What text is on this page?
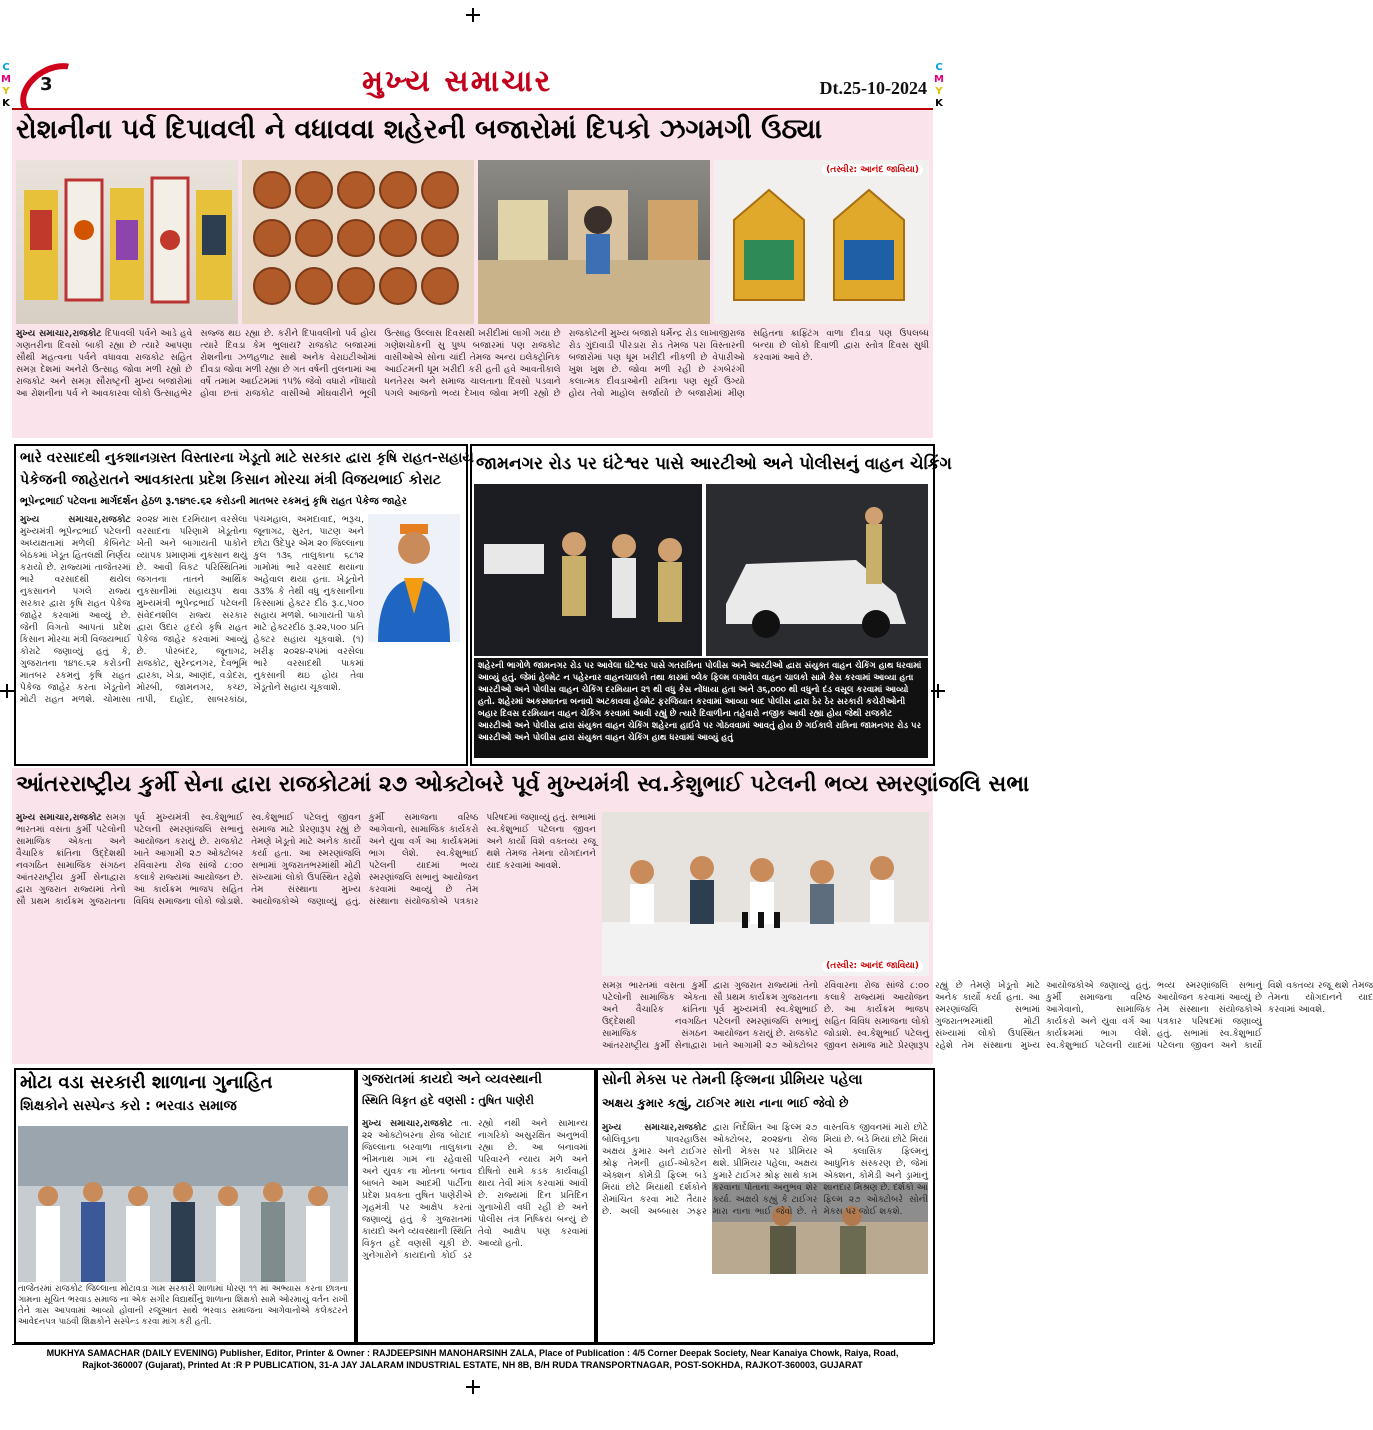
C
M
Y
K
C
M
Y
K
3	મુખ્ય સમાચાર	Dt.25-10-2024
રોશનીના પર્વ દિપાવલી ને વધાવવા શહેરની બજારોમાં દિપકો ઝગમગી ઉઠ્યા
(તસ્વીર: આનંદ જાવિયા)
મુખ્ય સમાચાર,રાજકોટ દિપાવલી પર્વને આડે હવે ગણતરીના દિવસો બાકી રહ્યા છે ત્યારે આપણા સૌથી મહત્વના પર્વને વધાવવા રાજકોટ સહિત સમગ્ર દેશમાં અનેરો ઉત્સાહ જોવા મળી રહ્યો છે રાજકોટ અને સમગ્ર સૌરાષ્ટ્રની મુખ્ય બજારોમાં આ રોશનીના પર્વ ને આવકારવા લોકો ઉત્સાહભેર સજ્જ થઇ રહ્યા છે. કરીને દિપાવલીનો પર્વ હોય ત્યારે દિવડા કેમ ભુલાય? રાજકોટ બજારમાં રોશનીના ઝળહળાટ સાથે અનેક વેરાઇટીઓમાં દીવડા જોવા મળી રહ્યા છે ગત વર્ષની તુલનામાં આ વર્ષે તમામ આઈટમમાં ૧૫% જેવો વધારો નોંધાયો હોવા છતાં રાજકોટ વાસીઓ મોંઘવારીને ભૂલી ઉત્સાહ ઉલ્લાસ દિવસથી ખરીદીમાં લાગી ગયા છે ગણેશચોકની સુ પુષ્પ બજારમાં પણ રાજકોટ વાસીઓએ સોના ચાંદી તેમજ અન્ય ઇલેક્ટ્રોનિક આઈટમની ધૂમ ખરીદી કરી હતી હવે આવતીકાલે ધનતેરસ અને સમાજ ચાલતાના દિવસો પડવાને પગલે આજનો ભવ્ય દેખાવ જોવા મળી રહ્યો છે રાજકોટની મુખ્ય બજારો ધર્મેન્દ્ર રોડ લાખાજીરાજ રોડ ગુંદાવાડી પીરડારા રોડ તેમજ પરા વિસ્તારની બજારોમાં પણ ધૂમ ખરીદી નીકળી છે વેપારીઓ ખુશ ખુશ છે. જોવા મળી રહી છે રંગબેરંગી કલાત્મક દીવડાઓની રાત્રિના પણ સૂર્ય ઉગ્યો હોય તેવો માહોલ સર્જાયો છે બજારોમાં મીણ સહિતના ક્રાફ્ટિંગ વાળા દીવડા પણ ઉપલબ્ધ બન્યા છે લોકો દિવાળી દ્વારા સ્તોત્ર દિવસ સુધી કરવામાં આવે છે.
ભારે વરસાદથી નુકશાનગ્રસ્ત વિસ્તારના ખેડૂતો માટે સરકાર દ્વારા કૃષિ રાહત-સહાય
પેકેજની જાહેરાતને આવકારતા પ્રદેશ કિસાન મોરચા મંત્રી વિજયભાઈ કોરાટ
ભૂપેન્દ્રભાઈ પટેલના માર્ગદર્શન હેઠળ રૂ.૧૪૧૯.૬૨ કરોડની માતબર રકમનું કૃષિ રાહત પેકેજ જાહેર
મુખ્ય સમાચાર,રાજકોટ મુખ્યમંત્રી ભૂપેન્દ્રભાઈ પટેલની અધ્યક્ષતામાં મળેલી કેબિનેટ બેઠકમાં ખેડૂત હિતલક્ષી નિર્ણય કરાયો છે. રાજ્યમાં તાજેતરમાં ભારે વરસાદથી થયેલ નુકસાનને પગલે રાજ્ય સરકાર દ્વારા કૃષિ રાહત પેકેજ જાહેર કરવામાં આવ્યું છે. જેની વિગતો આપતાં પ્રદેશ કિસાન મોરચા મંત્રી વિજયભાઈ કોરાટે જણાવ્યું હતું કે, ગુજરાતના ૧૪૧૯.૬૨ કરોડની માતબર રકમનું કૃષિ રાહત પેકેજ જાહેર કરતા ખેડૂતોને મોટી રાહત મળશે. ચોમાસા ૨૦૨૪ માસ દરમિયાન વરસેલા વરસાદના પરિણામે ખેડૂતોના ખેતી અને બાગાયતી પાકોને વ્યાપક પ્રમાણમાં નુકસાન થયું છે. આવી વિકટ પરિસ્થિતિમાં જગતના તાતને આર્થિક નુકસાનીમાં સહાયરૂપ થવા મુખ્યમંત્રી ભૂપેન્દ્રભાઈ પટેલની સંવેદનશીલ રાજ્ય સરકાર દ્વારા ઉદાર હૃદયે કૃષિ રાહત પેકેજ જાહેર કરવામાં આવ્યું છે. પોરબંદર, જૂનાગઢ, રાજકોટ, સુરેન્દ્રનગર, દેવભૂમિ દ્વારકા, ખેડા, આણંદ, વડોદરા, મોરબી, જામનગર, કચ્છ, તાપી, દાહોદ, સાબરકાંઠા, પંચમહાલ, અમદાવાદ, ભરૂચ, જૂનાગઢ, સુરત, પાટણ અને છોટા ઉદેપુર એમ ૨૦ જિલ્લાના કુલ ૧૩૬ તાલુકાના ૬૮૧૨ ગામોમાં ભારે વરસાદ થયાના અહેવાલ થયા હતા. ખેડૂતોને ૩૩% કે તેથી વધુ નુકસાનીના કિસ્સામાં હેક્ટર દીઠ રૂ.૮,૫૦૦ સહાય મળશે. બાગાયતી પાકો માટે હેક્ટરદીઠ રૂ.૨૨,૫૦૦ પ્રતિ હેક્ટર સહાય ચૂકવાશે. (૧) ખરીફ ૨૦૨૪-૨૫માં વરસેલા ભારે વરસાદથી પાકમાં નુકસાની થઇ હોય તેવા ખેડૂતોને સહાય ચૂકવાશે.
જામનગર રોડ પર ઘંટેશ્વર પાસે આરટીઓ અને પોલીસનું વાહન ચેકિંગ
શહેરની ભાગોળે જામનગર રોડ પર આવેલા ઘંટેશ્વર પાસે ગતરાત્રિના પોલીસ અને આરટીઓ દ્વારા સંયુક્ત વાહન ચેકિંગ હાથ ધરવામાં આવ્યું હતું. જેમાં હેલ્મેટ ન પહેરનાર વાહનચાલકો તથા કારમાં બ્લેક ફિલ્મ લગાવેલ વાહન ચાલકો સામે કેસ કરવામાં આવ્યા હતા આરટીઓ અને પોલીસ વાહન ચેકિંગ દરમિયાન ૨૧ થી વધુ કેસ નોંધાયા હતા અને ૩૬,૦૦૦ થી વધુનો દંડ વસૂલ કરવામાં આવ્યો હતો. શહેરમાં અકસ્માતના બનાવો અટકાવવા હેલ્મેટ ફરજિયાત કરવામાં આવ્યા બાદ પોલીસ દ્વારા ઠેર ઠેર સરકારી કચેરીઓની બહાર દિવસ દરમિયાન વાહન ચેકિંગ કરવામાં આવી રહ્યું છે ત્યારે દિવાળીના તહેવારો નજીક આવી રહ્યા હોય જેથી રાજકોટ આરટીઓ અને પોલીસ દ્વારા સંયુક્ત વાહન ચેકિંગ શહેરના હાઈવે પર ગોઠવવામાં આવતું હોય છે ગઈકાલે રાત્રિના જામનગર રોડ પર આરટીઓ અને પોલીસ દ્વારા સંયુક્ત વાહન ચેકિંગ હાથ ધરવામાં આવ્યું હતું
આંતરરાષ્ટ્રીય કુર્મી સેના દ્વારા રાજકોટમાં ૨૭ ઓક્ટોબરે પૂર્વ મુખ્યમંત્રી સ્વ.કેશુભાઈ પટેલની ભવ્ય સ્મરણાંજલિ સભા
(તસ્વીર: આનંદ જાવિયા)
મુખ્ય સમાચાર,રાજકોટ સમગ્ર ભારતમાં વસતા કુર્મી પટેલોની સામાજિક એકતા અને વૈચારિક ક્રાંતિના ઉદ્દેશથી નવગઠિત સામાજિક સંગઠન આંતરરાષ્ટ્રીય કુર્મી સેનાદ્વારા દ્વારા ગુજરાત રાજ્યમાં તેનો સૌ પ્રથમ કાર્યક્રમ ગુજરાતના પૂર્વ મુખ્યમંત્રી સ્વ.કેશુભાઈ પટેલની સ્મરણાંજલિ સભાનું આયોજન કરાયું છે. રાજકોટ ખાતે આગામી ૨૭ ઓક્ટોબર રવિવારના રોજ સાંજે ૮:૦૦ કલાકે રાજ્યમાં આયોજન છે. આ કાર્યક્રમ ભાજપ સહિત વિવિધ સમાજના લોકો જોડાશે. સ્વ.કેશુભાઈ પટેલનું જીવન સમાજ માટે પ્રેરણારૂપ રહ્યું છે તેમણે ખેડૂતો માટે અનેક કાર્યો કર્યા હતા. આ સ્મરણાંજલિ સભામાં ગુજરાતભરમાંથી મોટી સંખ્યામાં લોકો ઉપસ્થિત રહેશે તેમ સંસ્થાના મુખ્ય આયોજકોએ જણાવ્યું હતું. કુર્મી સમાજના વરિષ્ઠ આગેવાનો, સામાજિક કાર્યકરો અને યુવા વર્ગ આ કાર્યક્રમમાં ભાગ લેશે. સ્વ.કેશુભાઈ પટેલની યાદમાં ભવ્ય સ્મરણાંજલિ સભાનું આયોજન કરવામાં આવ્યું છે તેમ સંસ્થાના સંયોજકોએ પત્રકાર પરિષદમાં જણાવ્યું હતું. સભામાં સ્વ.કેશુભાઈ પટેલના જીવન અને કાર્યો વિશે વક્તવ્ય રજૂ થશે તેમજ તેમના યોગદાનને યાદ કરવામાં આવશે.
સમગ્ર ભારતમાં વસતા કુર્મી પટેલોની સામાજિક એકતા અને વૈચારિક ક્રાંતિના ઉદ્દેશથી નવગઠિત સામાજિક સંગઠન આંતરરાષ્ટ્રીય કુર્મી સેનાદ્વારા દ્વારા ગુજરાત રાજ્યમાં તેનો સૌ પ્રથમ કાર્યક્રમ ગુજરાતના પૂર્વ મુખ્યમંત્રી સ્વ.કેશુભાઈ પટેલની સ્મરણાંજલિ સભાનું આયોજન કરાયું છે. રાજકોટ ખાતે આગામી ૨૭ ઓક્ટોબર રવિવારના રોજ સાંજે ૮:૦૦ કલાકે રાજ્યમાં આયોજન છે. આ કાર્યક્રમ ભાજપ સહિત વિવિધ સમાજના લોકો જોડાશે. સ્વ.કેશુભાઈ પટેલનું જીવન સમાજ માટે પ્રેરણારૂપ રહ્યું છે તેમણે ખેડૂતો માટે અનેક કાર્યો કર્યા હતા. આ સ્મરણાંજલિ સભામાં ગુજરાતભરમાંથી મોટી સંખ્યામાં લોકો ઉપસ્થિત રહેશે તેમ સંસ્થાના મુખ્ય આયોજકોએ જણાવ્યું હતું. કુર્મી સમાજના વરિષ્ઠ આગેવાનો, સામાજિક કાર્યકરો અને યુવા વર્ગ આ કાર્યક્રમમાં ભાગ લેશે. સ્વ.કેશુભાઈ પટેલની યાદમાં ભવ્ય સ્મરણાંજલિ સભાનું આયોજન કરવામાં આવ્યું છે તેમ સંસ્થાના સંયોજકોએ પત્રકાર પરિષદમાં જણાવ્યું હતું. સભામાં સ્વ.કેશુભાઈ પટેલના જીવન અને કાર્યો વિશે વક્તવ્ય રજૂ થશે તેમજ તેમના યોગદાનને યાદ કરવામાં આવશે.
મોટા વડા સરકારી શાળાના ગુનાહિત
શિક્ષકોને સસ્પેન્ડ કરો : ભરવાડ સમાજ
તાજેતરમાં રાજકોટ જિલ્લાના મોટાવડા ગામ સરકારી શાળામાં ધોરણ ૧૧ માં અભ્યાસ કરતા છાત્રના ગામના સૂચિત ભરવાડ સમાજ ના એક સગીર વિદ્યાર્થીનું શાળાના શિક્ષકો સામે ઓરમાયું વર્તન રાખી તેને ત્રાસ આપવામાં આવ્યો હોવાની રજૂઆત સાથે ભરવાડ સમાજના આગેવાનોએ કલેક્ટરને આવેદનપત્ર પાઠવી શિક્ષકોને સસ્પેન્ડ કરવા માંગ કરી હતી.
ગુજરાતમાં કાયદો અને વ્યવસ્થાની
સ્થિતિ વિકૃત હદે વણસી : તુષિત પાણેરી
મુખ્ય સમાચાર,રાજકોટ તા. ૨૨ ઓક્ટોબરના રોજ બોટાદ જિલ્લાના બરવાળા તાલુકાના ભીમનાથ ગામ ના રહેવાસી અને યુવક ના મોતના બનાવ બાબતે આમ આદમી પાર્ટીના પ્રદેશ પ્રવક્તા તુષિત પાણેરીએ ગૃહમંત્રી પર આક્ષેપ કરતાં જણાવ્યું હતું કે ગુજરાતમાં કાયદો અને વ્યવસ્થાની સ્થિતિ વિકૃત હદે વણસી ચૂકી છે. ગુનેગારોને કાયદાનો કોઈ ડર રહ્યો નથી અને સામાન્ય નાગરિકો અસુરક્ષિત અનુભવી રહ્યા છે. આ બનાવમાં પરિવારને ન્યાય મળે અને દોષિતો સામે કડક કાર્યવાહી થાય તેવી માંગ કરવામાં આવી છે. રાજ્યમાં દિન પ્રતિદિન ગુનાખોરી વધી રહી છે અને પોલીસ તંત્ર નિષ્ક્રિય બન્યું છે તેવો આક્ષેપ પણ કરવામાં આવ્યો હતો.
સોની મેક્સ પર તેમની ફિલ્મના પ્રીમિયર પહેલા
અક્ષય કુમાર કહ્યું, ટાઈગર મારા નાના ભાઈ જેવો છે
મુખ્ય સમાચાર,રાજકોટ બોલિવૂડના પાવરહાઉસ અક્ષય કુમાર અને ટાઈગર શ્રોફ તેમની હાઈ-ઓક્ટેન એક્શન કોમેડી ફિલ્મ બડે મિયાં છોટે મિયાંથી દર્શકોને રોમાંચિત કરવા માટે તૈયાર છે. અલી અબ્બાસ ઝફર દ્વારા નિર્દેશિત આ ફિલ્મ ૨૭ ઓક્ટોબર, ૨૦૨૪ના રોજ સોની મેક્સ પર પ્રીમિયર થશે. પ્રીમિયર પહેલા, અક્ષય કુમારે ટાઈગર શ્રોફ સાથે કામ કરવાના પોતાના અનુભવ શેર કર્યા. અક્ષયે કહ્યું કે ટાઈગર મારા નાના ભાઈ જેવો છે. તે વાસ્તવિક જીવનમાં મારો છોટે મિયાં છે. બડે મિયાં છોટે મિયાં એ ક્લાસિક ફિલ્મનું આધુનિક સંસ્કરણ છે, જેમાં એક્શન, કોમેડી અને ડ્રામાનું શાનદાર મિશ્રણ છે. દર્શકો આ ફિલ્મ ૨૭ ઓક્ટોબરે સોની મેક્સ પર જોઈ શકશે.
MUKHYA SAMACHAR (DAILY EVENING) Publisher, Editor, Printer & Owner : RAJDEEPSINH MANOHARSINH ZALA, Place of Publication : 4/5 Corner Deepak Society, Near Kanaiya Chowk, Raiya, Road,
Rajkot-360007 (Gujarat), Printed At :R P PUBLICATION, 31-A JAY JALARAM INDUSTRIAL ESTATE, NH 8B, B/H RUDA TRANSPORTNAGAR, POST-SOKHDA, RAJKOT-360003, GUJARAT
